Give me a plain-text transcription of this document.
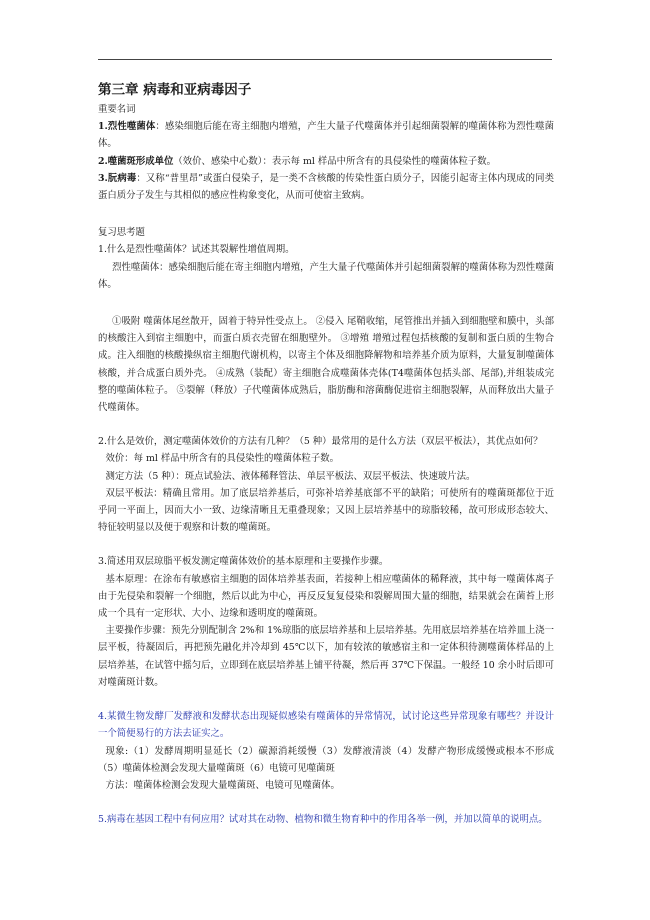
第三章 病毒和亚病毒因子

重要名词

1.烈性噬菌体：感染细胞后能在寄主细胞内增殖，产生大量子代噬菌体并引起细菌裂解的噬菌体称为烈性噬菌体。

2.噬菌斑形成单位（效价、感染中心数）：表示每 ml 样品中所含有的具侵染性的噬菌体粒子数。

3.朊病毒：又称“普里昂”或蛋白侵染子，是一类不含核酸的传染性蛋白质分子，因能引起寄主体内现成的同类蛋白质分子发生与其相似的感应性构象变化，从而可使宿主致病。

复习思考题

1.什么是烈性噬菌体？试述其裂解性增值周期。

烈性噬菌体：感染细胞后能在寄主细胞内增殖，产生大量子代噬菌体并引起细菌裂解的噬菌体称为烈性噬菌体。

①吸附 噬菌体尾丝散开，固着于特异性受点上。 ②侵入 尾鞘收缩，尾管推出并插入到细胞壁和膜中，头部的核酸注入到宿主细胞中，而蛋白质衣壳留在细胞壁外。 ③增殖 增殖过程包括核酸的复制和蛋白质的生物合成。注入细胞的核酸操纵宿主细胞代谢机构，以寄主个体及细胞降解物和培养基介质为原料，大量复制噬菌体核酸，并合成蛋白质外壳。 ④成熟（装配）寄主细胞合成噬菌体壳体(T4噬菌体包括头部、尾部),并组装成完整的噬菌体粒子。 ⑤裂解（释放）子代噬菌体成熟后，脂肪酶和溶菌酶促进宿主细胞裂解，从而释放出大量子代噬菌体。

2.什么是效价，测定噬菌体效价的方法有几种？（5 种）最常用的是什么方法（双层平板法），其优点如何？

效价：每 ml 样品中所含有的具侵染性的噬菌体粒子数。

测定方法（5 种）：斑点试验法、液体稀释管法、单层平板法、双层平板法、快速玻片法。

双层平板法：精确且常用。加了底层培养基后，可弥补培养基底部不平的缺陷；可使所有的噬菌斑都位于近乎同一平面上，因而大小一致、边缘清晰且无重叠现象；又因上层培养基中的琼脂较稀，故可形成形态较大、特征较明显以及便于观察和计数的噬菌斑。

3.简述用双层琼脂平板发测定噬菌体效价的基本原理和主要操作步骤。

基本原理：在涂布有敏感宿主细胞的固体培养基表面，若接种上相应噬菌体的稀释液，其中每一噬菌体离子由于先侵染和裂解一个细胞，然后以此为中心，再反反复复侵染和裂解周围大量的细胞，结果就会在菌苔上形成一个具有一定形状、大小、边缘和透明度的噬菌斑。

主要操作步骤：预先分别配制含 2%和 1%琼脂的底层培养基和上层培养基。先用底层培养基在培养皿上浇一层平板，待凝固后，再把预先融化并冷却到 45℃以下，加有较浓的敏感宿主和一定体积待测噬菌体样品的上层培养基，在试管中摇匀后，立即到在底层培养基上铺平待凝，然后再 37℃下保温。一般经 10 余小时后即可对噬菌斑计数。

4.某微生物发酵厂发酵液和发酵状态出现疑似感染有噬菌体的异常情况，试讨论这些异常现象有哪些？并设计一个简便易行的方法去证实之。

现象:（1）发酵周期明显延长（2）碳源消耗缓慢（3）发酵液清淡（4）发酵产物形成缓慢或根本不形成（5）噬菌体检测会发现大量噬菌斑（6）电镜可见噬菌斑

方法：噬菌体检测会发现大量噬菌斑、电镜可见噬菌体。

5.病毒在基因工程中有何应用？试对其在动物、植物和微生物育种中的作用各举一例，并加以简单的说明点。
